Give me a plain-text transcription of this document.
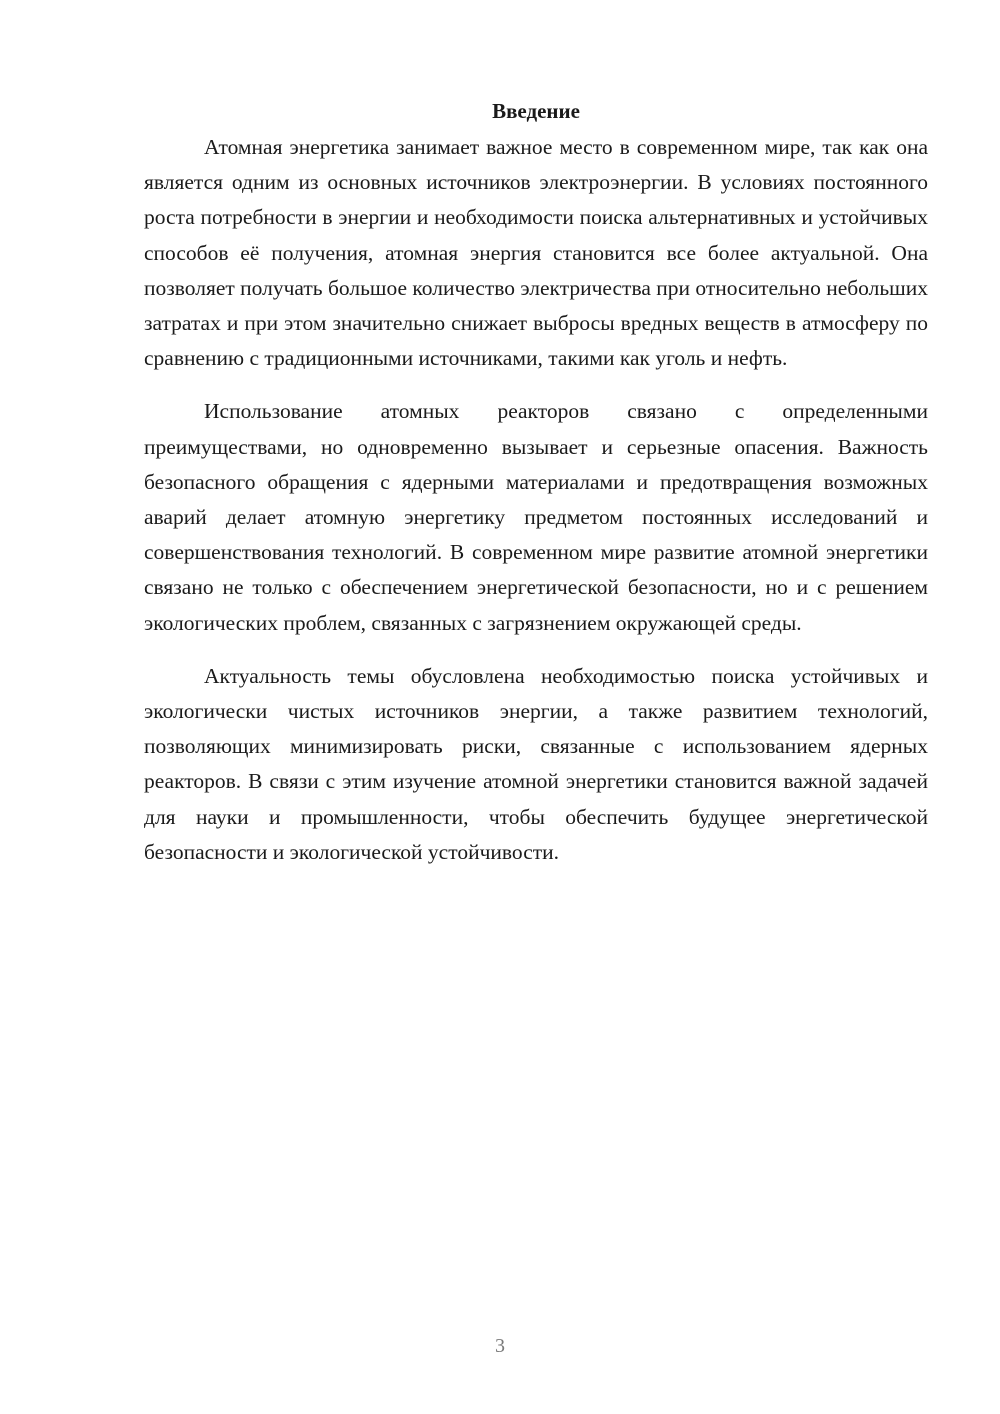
Введение

Атомная энергетика занимает важное место в современном мире, так как она является одним из основных источников электроэнергии. В условиях постоянного роста потребности в энергии и необходимости поиска альтернативных и устойчивых способов её получения, атомная энергия становится все более актуальной. Она позволяет получать большое количество электричества при относительно небольших затратах и при этом значительно снижает выбросы вредных веществ в атмосферу по сравнению с традиционными источниками, такими как уголь и нефть.

Использование атомных реакторов связано с определенными преимуществами, но одновременно вызывает и серьезные опасения. Важность безопасного обращения с ядерными материалами и предотвращения возможных аварий делает атомную энергетику предметом постоянных исследований и совершенствования технологий. В современном мире развитие атомной энергетики связано не только с обеспечением энергетической безопасности, но и с решением экологических проблем, связанных с загрязнением окружающей среды.

Актуальность темы обусловлена необходимостью поиска устойчивых и экологически чистых источников энергии, а также развитием технологий, позволяющих минимизировать риски, связанные с использованием ядерных реакторов. В связи с этим изучение атомной энергетики становится важной задачей для науки и промышленности, чтобы обеспечить будущее энергетической безопасности и экологической устойчивости.

3
